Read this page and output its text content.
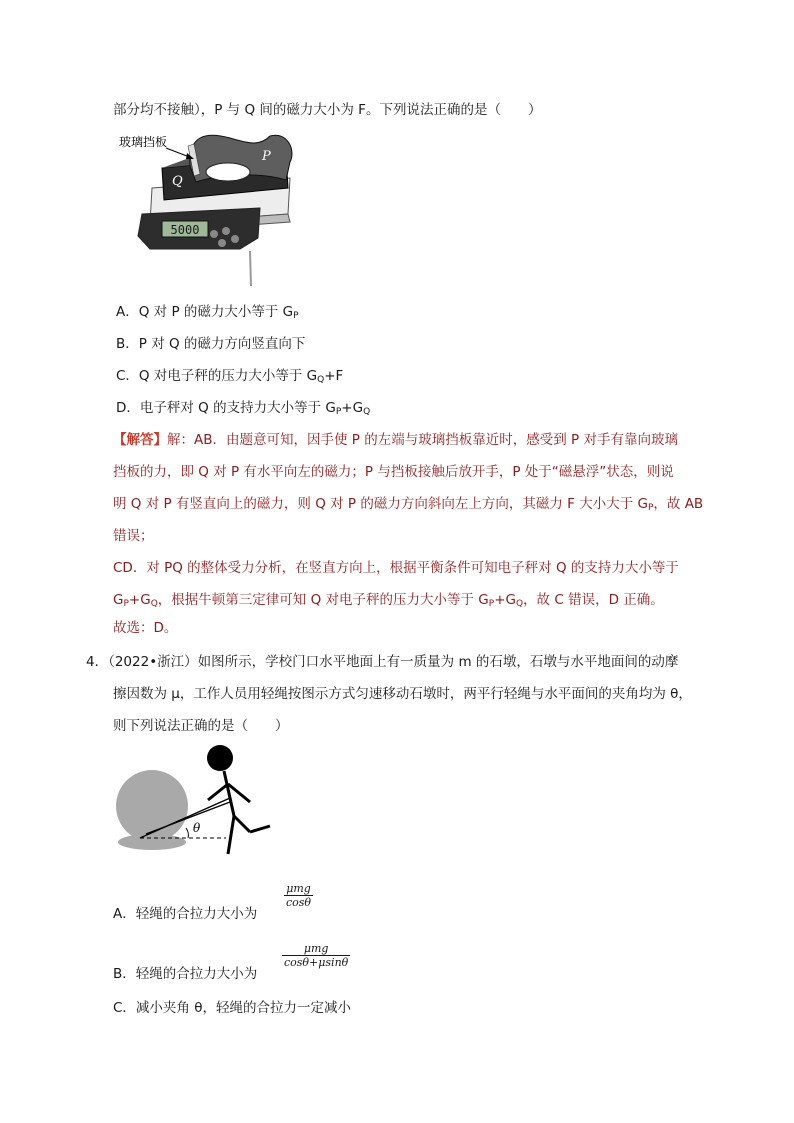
部分均不接触），P 与 Q 间的磁力大小为 F。下列说法正确的是（　　）
5000
玻璃挡板
Q
P
A．Q 对 P 的磁力大小等于 $G_P$
B．P 对 Q 的磁力方向竖直向下
C．Q 对电子秤的压力大小等于 $G_Q+F$
D．电子秤对 Q 的支持力大小等于 $G_P+G_Q$
【解答】解：AB．由题意可知，因手使 P 的左端与玻璃挡板靠近时，感受到 P 对手有靠向玻璃
挡板的力，即 Q 对 P 有水平向左的磁力；P 与挡板接触后放开手，P 处于“磁悬浮”状态，则说
明 Q 对 P 有竖直向上的磁力，则 Q 对 P 的磁力方向斜向左上方向，其磁力 F 大小大于 $G_P$，故 AB
错误；
CD．对 PQ 的整体受力分析，在竖直方向上，根据平衡条件可知电子秤对 Q 的支持力大小等于
$G_P+G_Q$，根据牛顿第三定律可知 Q 对电子秤的压力大小等于 $G_P+G_Q$，故 C 错误，D 正确。
故选：D。
4．（2022•浙江）如图所示，学校门口水平地面上有一质量为 m 的石墩，石墩与水平地面间的动摩
擦因数为 μ，工作人员用轻绳按图示方式匀速移动石墩时，两平行轻绳与水平面间的夹角均为 θ，
则下列说法正确的是（　　）
θ
A．轻绳的合拉力大小为
μmg
cosθ
B．轻绳的合拉力大小为
μmg
cosθ+μsinθ
C．减小夹角 θ，轻绳的合拉力一定减小
